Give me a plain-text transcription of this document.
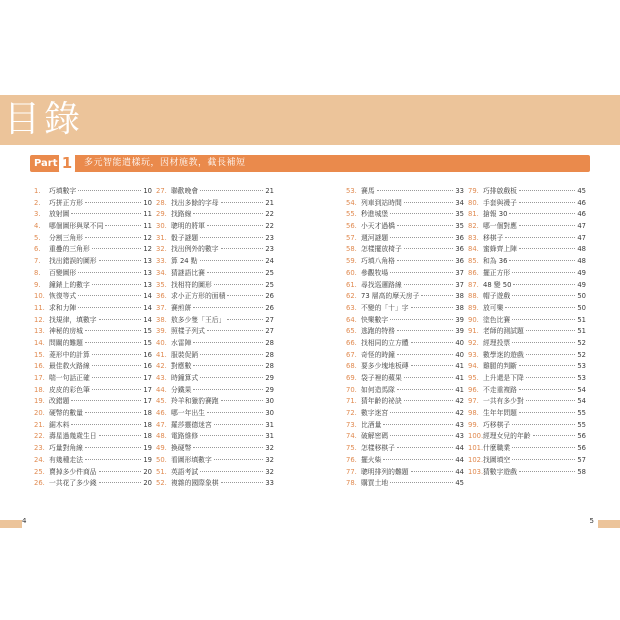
目錄
Part 1	多元智能遣樣玩，因材施教，截長補短
1.	巧填數字	10
2.	巧拼正方形	10
3.	放射圖	11
4.	哪個圖形與眾不同	11
5.	分割三角形	12
6.	重疊的三角形	12
7.	找出錯誤的圖形	13
8.	百變圖形	13
9.	鐘錶上的數字	13
10. 恢復等式	14
11. 求和力陣	14
12. 找規律，填數字	14
13. 神秘的房城	15
14. 問關的難題	15
15. 菱形中的計算	16
16. 最佳救火路線	16
17. 喘一句話正確	17
18. 皮皮的彩色筆	17
19. 改錯題	17
20. 硬幣的數量	18
21. 鋸木料	18
22. 壽星過幾歲生日	18
23. 巧量對角線	19
24. 有幾種走法	19
25. 賣掉多少件商品	20
26. 一共花了多少錢	20
27. 聯歡晚會	21
28. 找出多餘的字母	21
29. 找路線	22
30. 聰明的將軍	22
31. 骰子謎題	23
32. 找出例外的數字	23
33. 算 24 點	24
34. 猜謎語比賽	25
35. 找相符的圖形	25
36. 求小正方形的面積	26
37. 賽煎餅	26
38. 敖多少隻「王后」	27
39. 照樣子列式	27
40. 水雷陣	28
41. 服裝促銷	28
42. 對應數	28
43. 時鐘算式	29
44. 分鐵果	29
45. 羚羊和獵豹賽跑	30
46. 哪一年出生	30
47. 羅莎靈德迷宮	31
48. 電路維修	31
49. 換硬幣	32
50. 看圖形填數字	32
51. 英語考試	32
52. 複雜的國際象棋	33
53. 賽馬	33
54. 列車到站時間	34
55. 秒進城堡	35
56. 小天才過橋	35
57. 週河謎題	36
58. 怎樣擺放椅子	36
59. 巧填八角格	36
60. 參觀牧場	37
61. 尋找巡邏路線	37
62. 73 層高的摩天房子	38
63. 不變的「十」字	38
64. 快樂數字	39
65. 逃跑的特務	39
66. 找相同的立方體	40
67. 奇怪的時鐘	40
68. 要多少塊地板磚	41
69. 袋子裡的蘋果	41
70. 如何造馬隊	41
71. 猜年齡的祕訣	42
72. 數字迷宮	42
73. 比酒量	43
74. 破解密碼	43
75. 怎樣移棋子	44
76. 擺火柴	44
77. 聰明排列的難題	44
78. 購買土地	45
79. 巧排啟戲板	45
80. 手套與襪子	46
81. 搶報 30	46
82. 哪一個對應	47
83. 移棋子	47
84. 蜜蜂齊上陣	48
85. 和為 36	48
86. 擺正方形	49
87. 48 變 50	49
88. 帽子遊戲	50
89. 放可樂	50
90. 塗色比賽	51
91. 老師的測試題	51
92. 經理投票	52
93. 數學迷的遊戲	52
94. 雞腿的判斷	53
95. 上升還是下降	53
96. 不走重複路	54
97. 一共有多少對	54
98. 生年年問題	55
99. 巧移棋子	55
100. 經理女兒的年齡	56
101. 什麼職業	56
102. 找圖填空	57
103. 猜數字遊戲	58
4	5
